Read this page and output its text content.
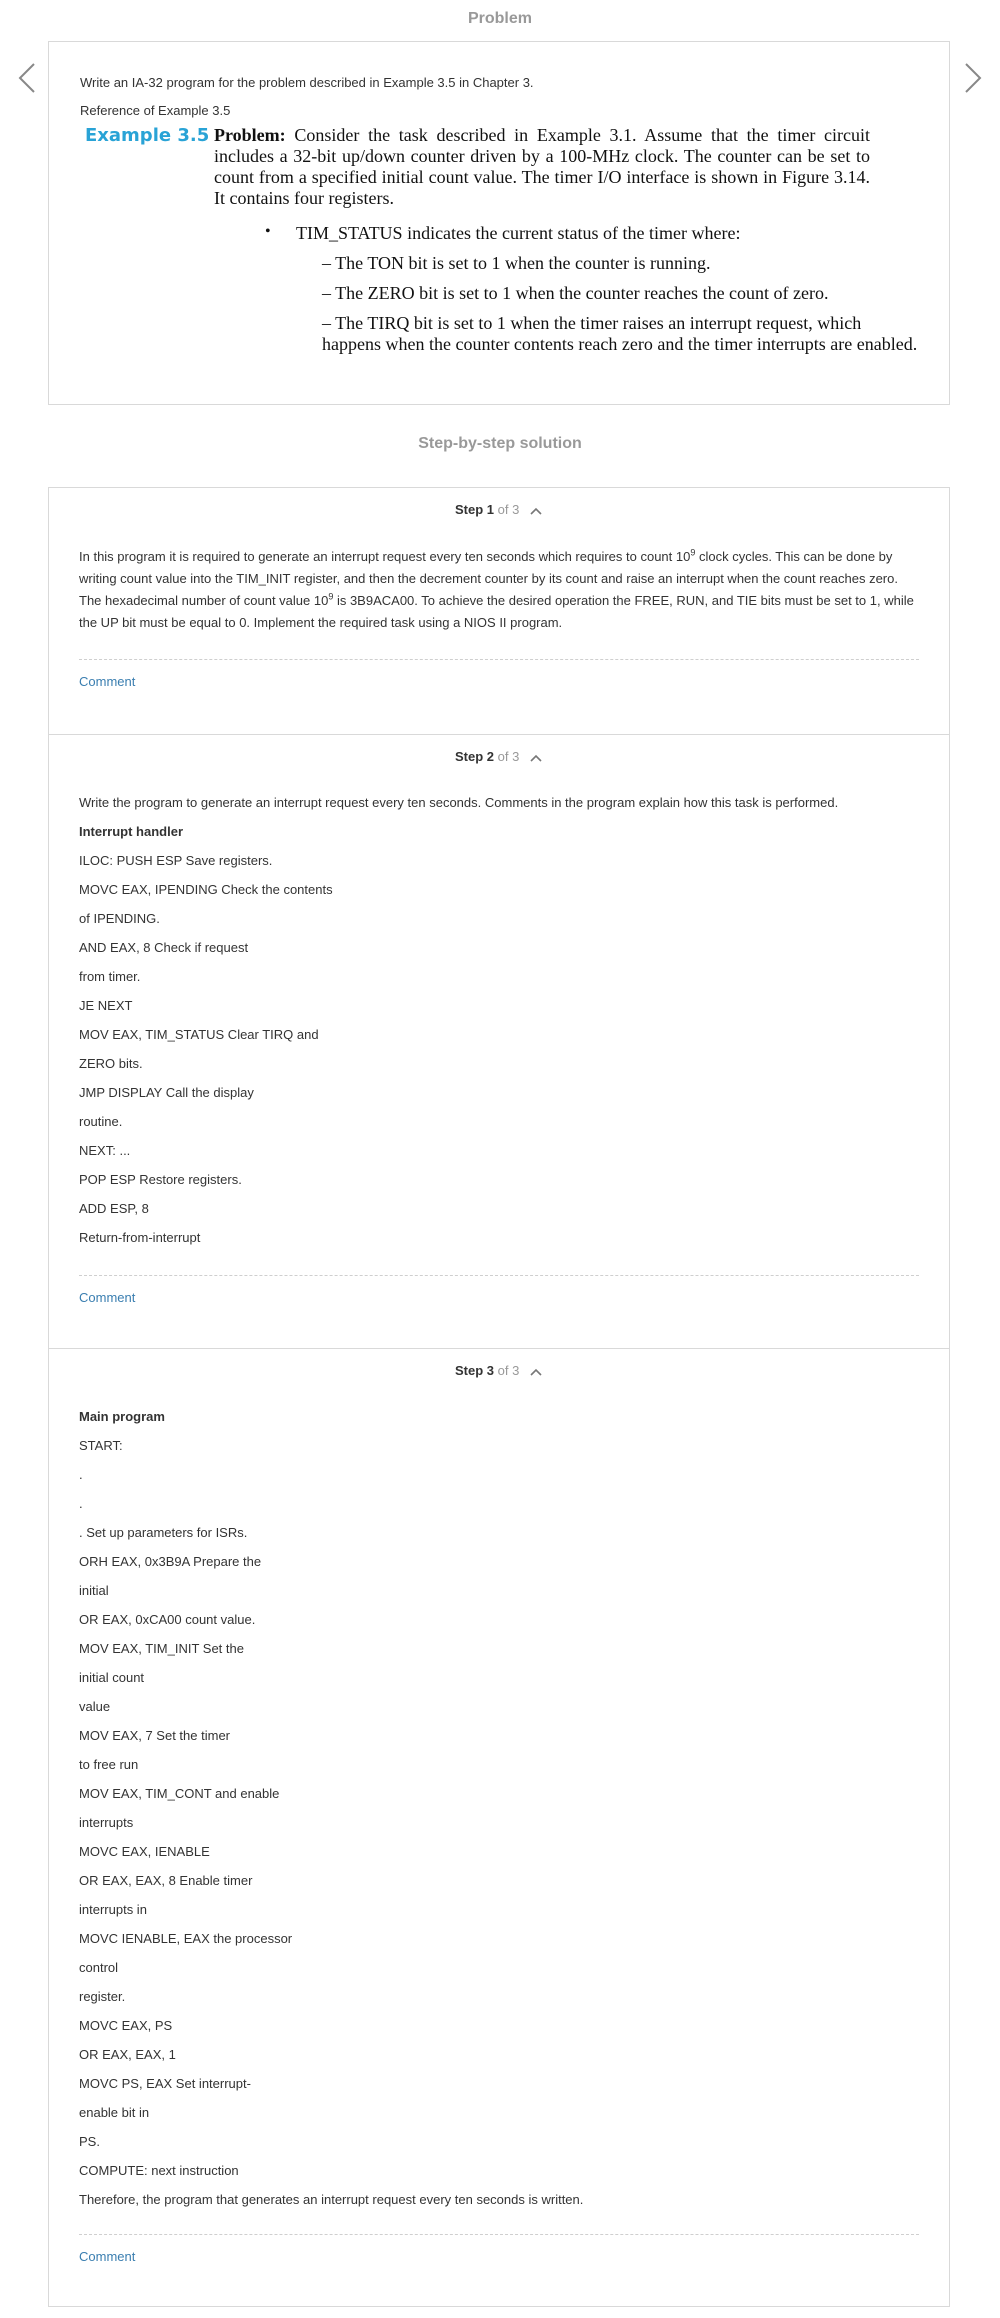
Problem
Write an IA-32 program for the problem described in Example 3.5 in Chapter 3.
Reference of Example 3.5
Example 3.5 Problem: Consider the task described in Example 3.1. Assume that the timer circuit includes a 32-bit up/down counter driven by a 100-MHz clock. The counter can be set to count from a specified initial count value. The timer I/O interface is shown in Figure 3.14. It contains four registers.
• TIM_STATUS indicates the current status of the timer where:
– The TON bit is set to 1 when the counter is running.
– The ZERO bit is set to 1 when the counter reaches the count of zero.
– The TIRQ bit is set to 1 when the timer raises an interrupt request, which happens when the counter contents reach zero and the timer interrupts are enabled.
Step-by-step solution
Step 1 of 3

In this program it is required to generate an interrupt request every ten seconds which requires to count $10^9$ clock cycles. This can be done by writing count value into the TIM_INIT register, and then the decrement counter by its count and raise an interrupt when the count reaches zero. The hexadecimal number of count value $10^9$ is 3B9ACA00. To achieve the desired operation the FREE, RUN, and TIE bits must be set to 1, while the UP bit must be equal to 0. Implement the required task using a NIOS II program.

Comment
Step 2 of 3
Write the program to generate an interrupt request every ten seconds. Comments in the program explain how this task is performed.
Interrupt handler
ILOC: PUSH ESP Save registers.
MOVC EAX, IPENDING Check the contents
of IPENDING.
AND EAX, 8 Check if request
from timer.
JE NEXT
MOV EAX, TIM_STATUS Clear TIRQ and
ZERO bits.
JMP DISPLAY Call the display
routine.
NEXT: ...
POP ESP Restore registers.
ADD ESP, 8
Return-from-interrupt
Comment
Step 3 of 3
Main program
START:
.
.
. Set up parameters for ISRs.
ORH EAX, 0x3B9A Prepare the
initial
OR EAX, 0xCA00 count value.
MOV EAX, TIM_INIT Set the
initial count
value
MOV EAX, 7 Set the timer
to free run
MOV EAX, TIM_CONT and enable
interrupts
MOVC EAX, IENABLE
OR EAX, EAX, 8 Enable timer
interrupts in
MOVC IENABLE, EAX the processor
control
register.
MOVC EAX, PS
OR EAX, EAX, 1
MOVC PS, EAX Set interrupt-
enable bit in
PS.
COMPUTE: next instruction
Therefore, the program that generates an interrupt request every ten seconds is written.
Comment
